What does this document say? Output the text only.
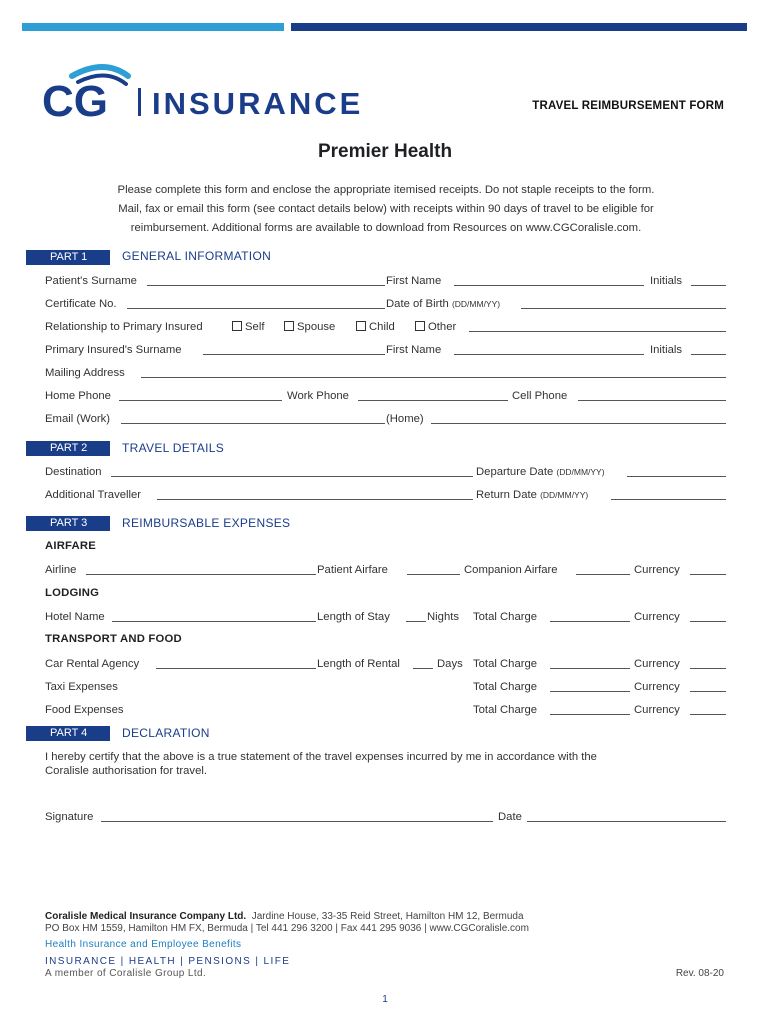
CG INSURANCE	TRAVEL REIMBURSEMENT FORM
Premier Health
Please complete this form and enclose the appropriate itemised receipts. Do not staple receipts to the form.
Mail, fax or email this form (see contact details below) with receipts within 90 days of travel to be eligible for
reimbursement. Additional forms are available to download from Resources on www.CGCoralisle.com.
PART 1	GENERAL INFORMATION
Patient's Surname	First Name	Initials
Certificate No.	Date of Birth (DD/MM/YY)
Relationship to Primary Insured	Self	Spouse	Child	Other
Primary Insured's Surname	First Name	Initials
Mailing Address
Home Phone	Work Phone	Cell Phone
Email (Work)	(Home)
PART 2	TRAVEL DETAILS
Destination	Departure Date (DD/MM/YY)
Additional Traveller	Return Date (DD/MM/YY)
PART 3	REIMBURSABLE EXPENSES
AIRFARE
Airline	Patient Airfare	Companion Airfare	Currency
LODGING
Hotel Name	Length of Stay	Nights Total Charge	Currency
TRANSPORT AND FOOD
Car Rental Agency	Length of Rental	Days Total Charge	Currency
Taxi Expenses	Total Charge	Currency
Food Expenses	Total Charge	Currency
PART 4	DECLARATION
I hereby certify that the above is a true statement of the travel expenses incurred by me in accordance with the
Coralisle authorisation for travel.
Signature	Date
Coralisle Medical Insurance Company Ltd. Jardine House, 33-35 Reid Street, Hamilton HM 12, Bermuda
PO Box HM 1559, Hamilton HM FX, Bermuda | Tel 441 296 3200 | Fax 441 295 9036 | www.CGCoralisle.com
Health Insurance and Employee Benefits
INSURANCE | HEALTH | PENSIONS | LIFE
A member of Coralisle Group Ltd.	Rev. 08-20
1
